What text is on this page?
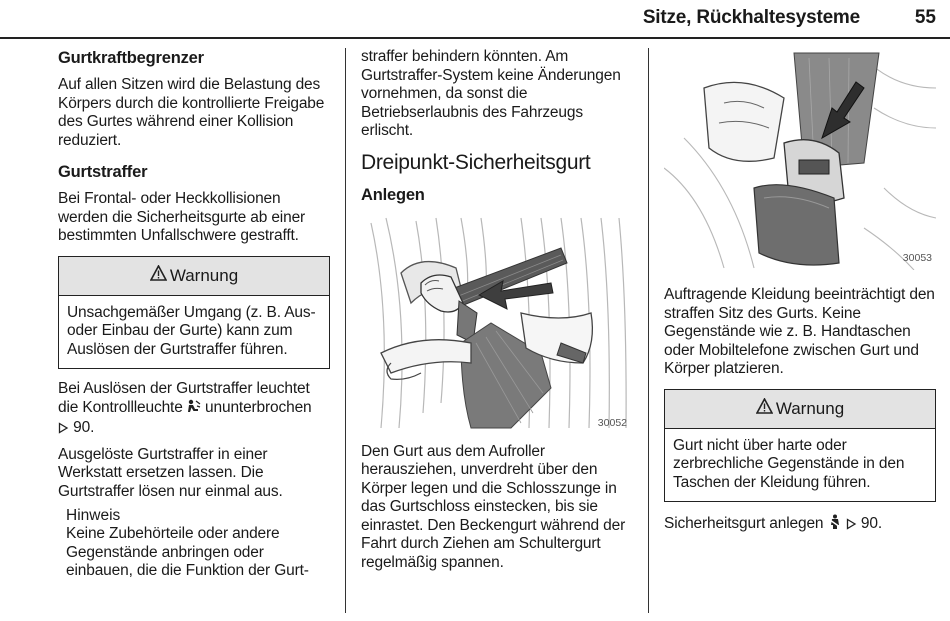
Sitze, Rückhaltesysteme	55
Gurtkraftbegrenzer

Auf allen Sitzen wird die Belastung des Körpers durch die kontrollierte Freigabe des Gurtes während einer Kollision reduziert.

Gurtstraffer

Bei Frontal- oder Heckkollisionen werden die Sicherheitsgurte ab einer bestimmten Unfallschwere gestrafft.

Warnung
Unsachgemäßer Umgang (z. B. Aus- oder Einbau der Gurte) kann zum Auslösen der Gurtstraffer führen.

Bei Auslösen der Gurtstraffer leuchtet die Kontrollleuchte ununterbrochen
90.

Ausgelöste Gurtstraffer in einer Werkstatt ersetzen lassen. Die Gurtstraffer lösen nur einmal aus.

Hinweis

Keine Zubehörteile oder andere Gegenstände anbringen oder einbauen, die die Funktion der Gurt-

straffer behindern könnten. Am Gurtstraffer-System keine Änderungen vornehmen, da sonst die Betriebserlaubnis des Fahrzeugs erlischt.

Dreipunkt-Sicherheitsgurt
Anlegen
30052

Den Gurt aus dem Aufroller herausziehen, unverdreht über den Körper legen und die Schlosszunge in das Gurtschloss einstecken, bis sie einrastet. Den Beckengurt während der Fahrt durch Ziehen am Schultergurt regelmäßig spannen.

30053

Auftragende Kleidung beeinträchtigt den straffen Sitz des Gurts. Keine Gegenstände wie z. B. Handtaschen oder Mobiltelefone zwischen Gurt und Körper platzieren.

Warnung
Gurt nicht über harte oder zerbrechliche Gegenstände in den Taschen der Kleidung führen.

Sicherheitsgurt anlegen 90.
